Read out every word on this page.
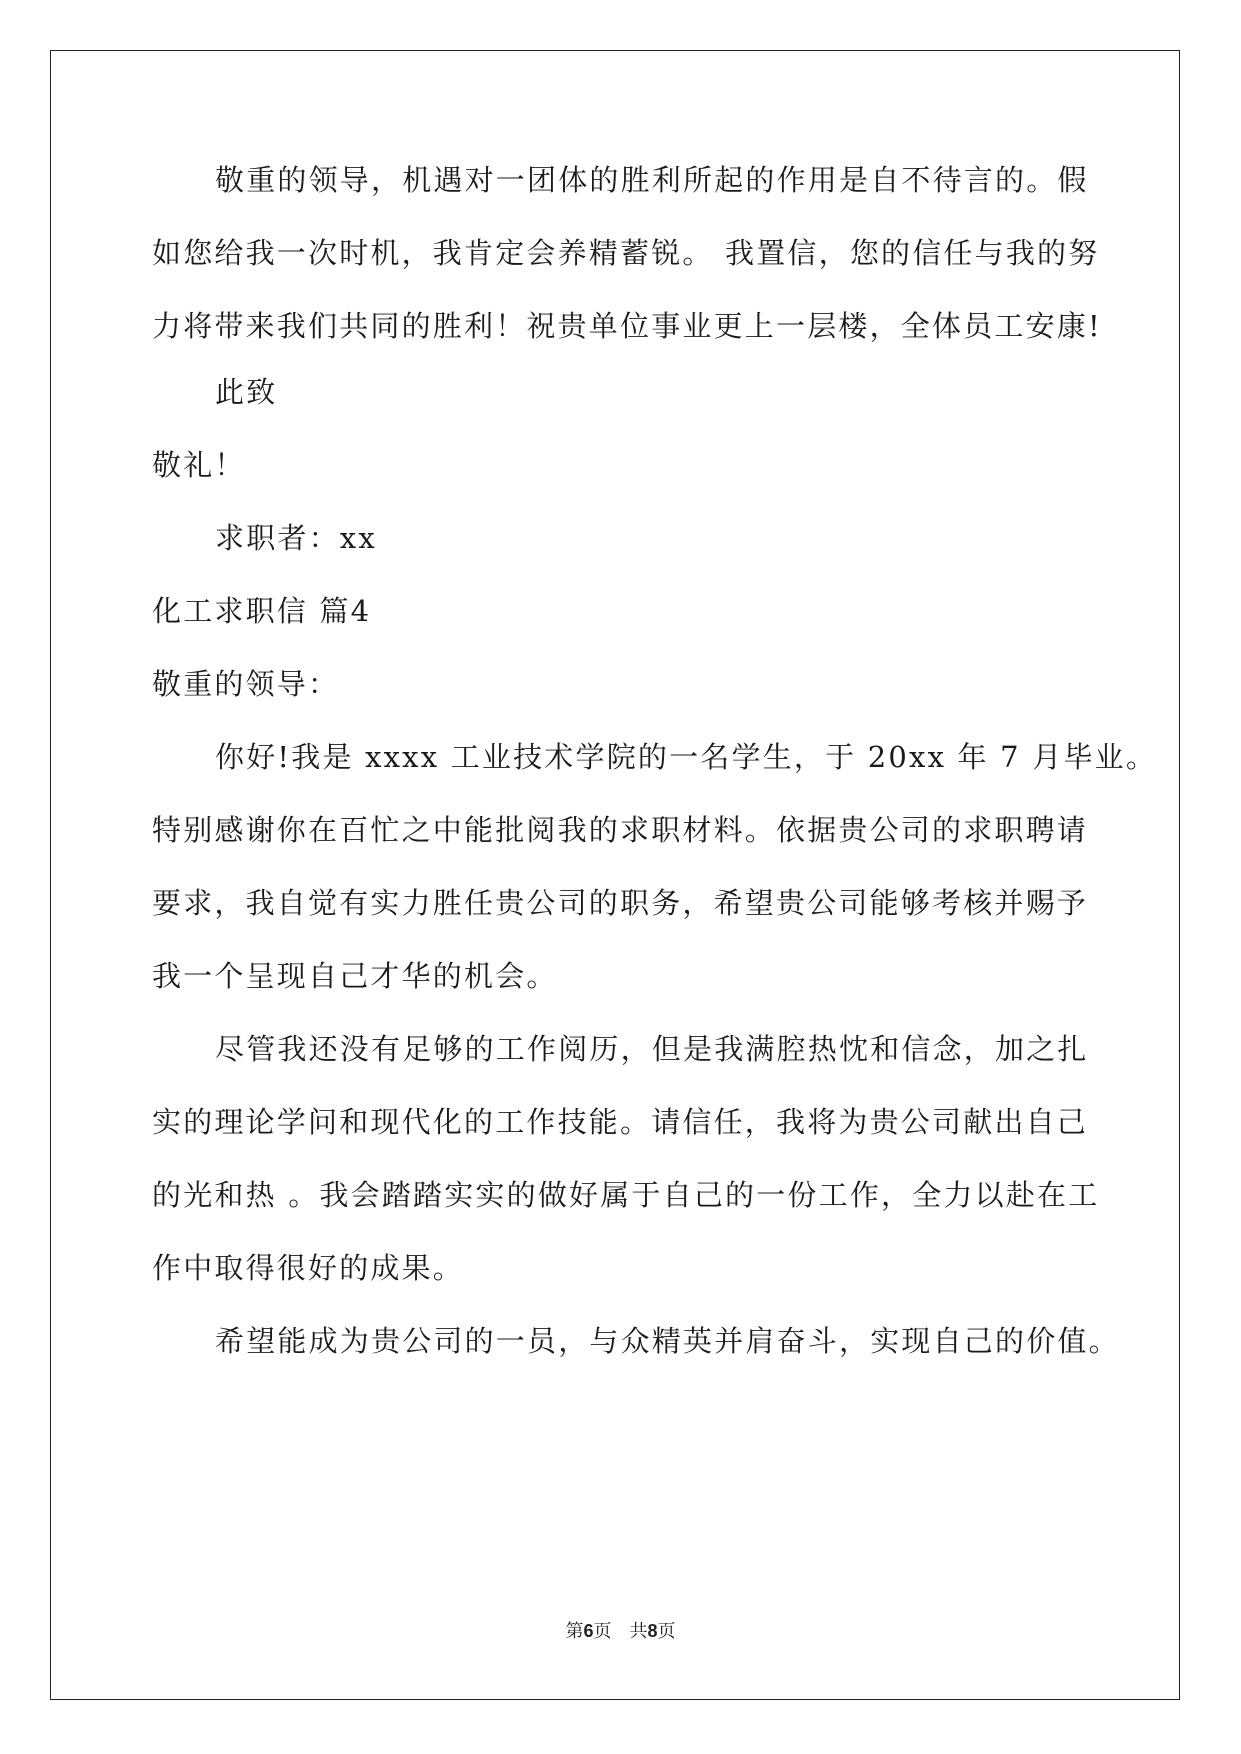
敬重的领导，机遇对一团体的胜利所起的作用是自不待言的。假
如您给我一次时机，我肯定会养精蓄锐。 我置信，您的信任与我的努
力将带来我们共同的胜利！祝贵单位事业更上一层楼，全体员工安康!
此致
敬礼！
求职者：xx
化工求职信 篇4
敬重的领导：
你好!我是 xxxx 工业技术学院的一名学生，于 20xx 年 7 月毕业。
特别感谢你在百忙之中能批阅我的求职材料。依据贵公司的求职聘请
要求，我自觉有实力胜任贵公司的职务，希望贵公司能够考核并赐予
我一个呈现自己才华的机会。
尽管我还没有足够的工作阅历，但是我满腔热忱和信念，加之扎
实的理论学问和现代化的工作技能。请信任，我将为贵公司献出自己
的光和热 。我会踏踏实实的做好属于自己的一份工作，全力以赴在工
作中取得很好的成果。
希望能成为贵公司的一员，与众精英并肩奋斗，实现自己的价值。
第6页 共8页
